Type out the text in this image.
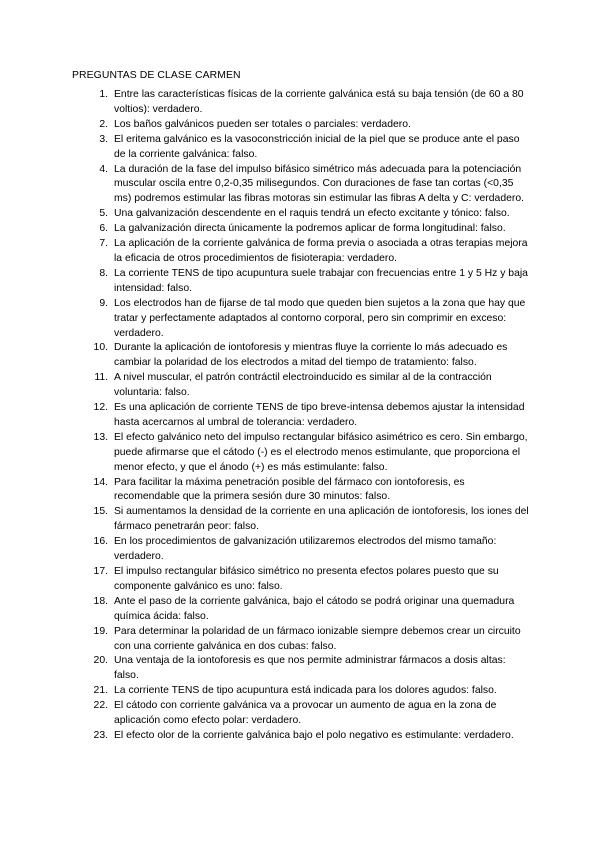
PREGUNTAS DE CLASE CARMEN
1. Entre las características físicas de la corriente galvánica está su baja tensión (de 60 a 80 voltios): verdadero.
2. Los baños galvánicos pueden ser totales o parciales: verdadero.
3. El eritema galvánico es la vasoconstricción inicial de la piel que se produce ante el paso de la corriente galvánica: falso.
4. La duración de la fase del impulso bifásico simétrico más adecuada para la potenciación muscular oscila entre 0,2-0,35 milisegundos. Con duraciones de fase tan cortas (<0,35 ms) podremos estimular las fibras motoras sin estimular las fibras A delta y C: verdadero.
5. Una galvanización descendente en el raquis tendrá un efecto excitante y tónico: falso.
6. La galvanización directa únicamente la podremos aplicar de forma longitudinal: falso.
7. La aplicación de la corriente galvánica de forma previa o asociada a otras terapias mejora la eficacia de otros procedimientos de fisioterapia: verdadero.
8. La corriente TENS de tipo acupuntura suele trabajar con frecuencias entre 1 y 5 Hz y baja intensidad: falso.
9. Los electrodos han de fijarse de tal modo que queden bien sujetos a la zona que hay que tratar y perfectamente adaptados al contorno corporal, pero sin comprimir en exceso: verdadero.
10. Durante la aplicación de iontoforesis y mientras fluye la corriente lo más adecuado es cambiar la polaridad de los electrodos a mitad del tiempo de tratamiento: falso.
11. A nivel muscular, el patrón contráctil electroinducido es similar al de la contracción voluntaria: falso.
12. Es una aplicación de corriente TENS de tipo breve-intensa debemos ajustar la intensidad hasta acercarnos al umbral de tolerancia: verdadero.
13. El efecto galvánico neto del impulso rectangular bifásico asimétrico es cero. Sin embargo, puede afirmarse que el cátodo (-) es el electrodo menos estimulante, que proporciona el menor efecto, y que el ánodo (+) es más estimulante: falso.
14. Para facilitar la máxima penetración posible del fármaco con iontoforesis, es recomendable que la primera sesión dure 30 minutos: falso.
15. Si aumentamos la densidad de la corriente en una aplicación de iontoforesis, los iones del fármaco penetrarán peor: falso.
16. En los procedimientos de galvanización utilizaremos electrodos del mismo tamaño: verdadero.
17. El impulso rectangular bifásico simétrico no presenta efectos polares puesto que su componente galvánico es uno: falso.
18. Ante el paso de la corriente galvánica, bajo el cátodo se podrá originar una quemadura química ácida: falso.
19. Para determinar la polaridad de un fármaco ionizable siempre debemos crear un circuito con una corriente galvánica en dos cubas: falso.
20. Una ventaja de la iontoforesis es que nos permite administrar fármacos a dosis altas: falso.
21. La corriente TENS de tipo acupuntura está indicada para los dolores agudos: falso.
22. El cátodo con corriente galvánica va a provocar un aumento de agua en la zona de aplicación como efecto polar: verdadero.
23. El efecto olor de la corriente galvánica bajo el polo negativo es estimulante: verdadero.
